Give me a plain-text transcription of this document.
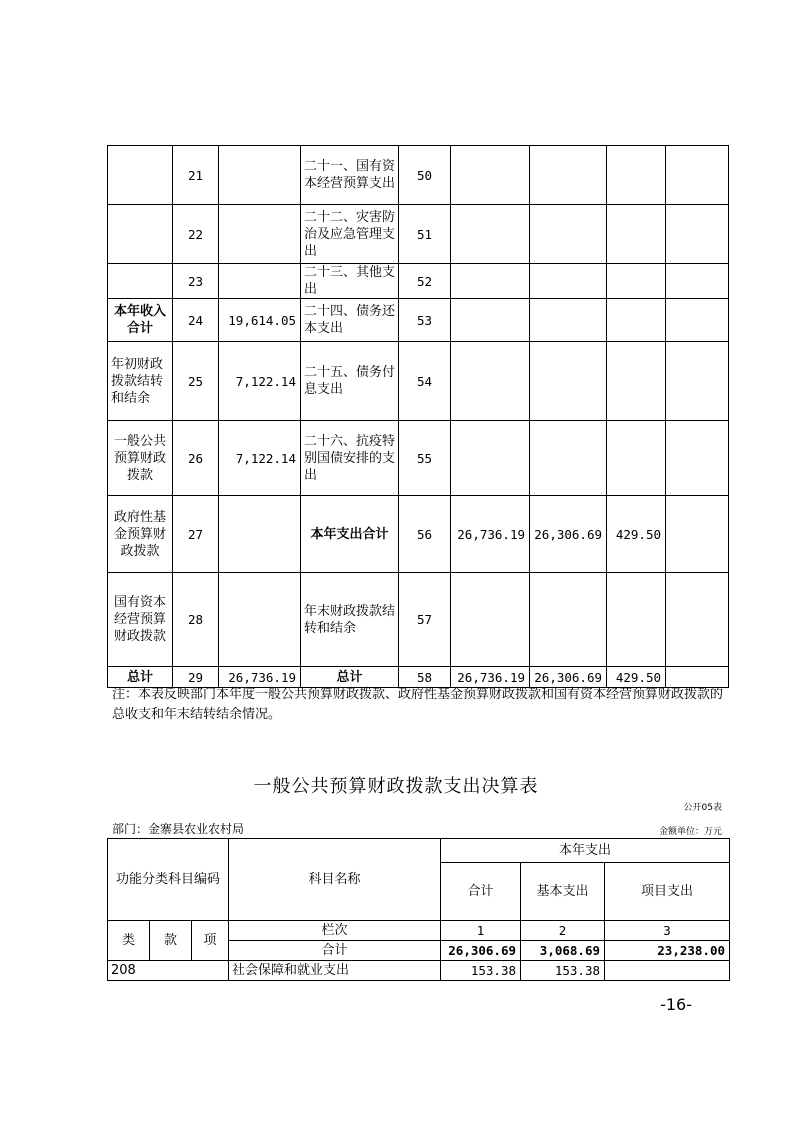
	21		二十一、国有资本经营预算支出	50				
	22		二十二、灾害防治及应急管理支出	51				
	23		二十三、其他支出	52				
本年收入合计	24	19,614.05	二十四、债务还本支出	53				
年初财政拨款结转和结余	25	7,122.14	二十五、债务付息支出	54				
一般公共预算财政拨款	26	7,122.14	二十六、抗疫特别国债安排的支出	55				
政府性基金预算财政拨款	27		本年支出合计	56	26,736.19	26,306.69	429.50	
国有资本经营预算财政拨款	28		年末财政拨款结转和结余	57				
总计	29	26,736.19	总计	58	26,736.19	26,306.69	429.50	
注：本表反映部门本年度一般公共预算财政拨款、政府性基金预算财政拨款和国有资本经营预算财政拨款的总收支和年末结转结余情况。
一般公共预算财政拨款支出决算表
公开05表
部门：金寨县农业农村局	金额单位：万元
功能分类科目编码			科目名称	本年支出		
				合计	基本支出	项目支出
类	款	项	栏次	1	2	3
			合计	26,306.69	3,068.69	23,238.00
208			社会保障和就业支出	153.38	153.38	
-16-
